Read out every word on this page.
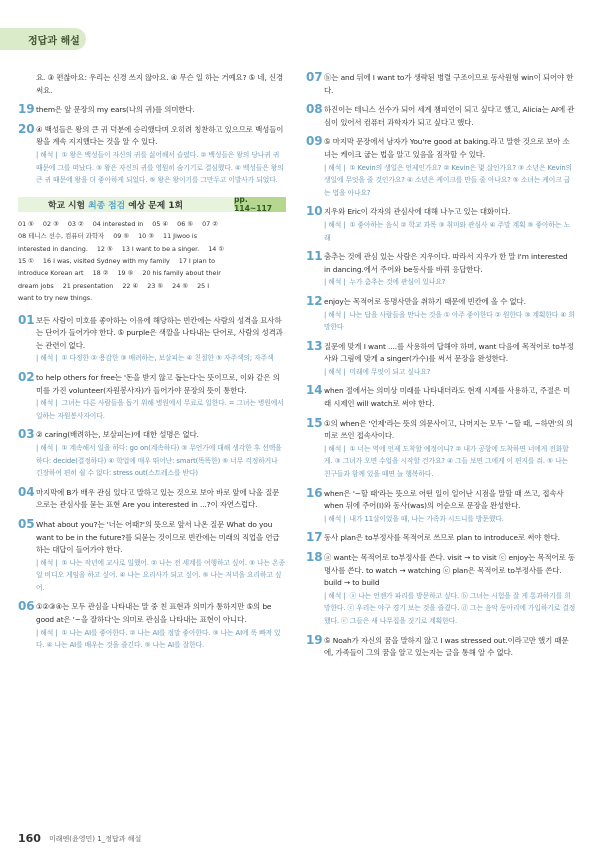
정답과 해설
요. ③ 편찮아요: 우리는 신경 쓰지 않아요. ④ 무슨 일 하는 거예요? ⑤ 네, 신경 써요.
19 them은 앞 문장의 my ears(나의 귀)를 의미한다.
20 ④ 백성들은 왕의 큰 귀 덕분에 승리했다며 오히려 칭찬하고 있으므로 백성들이 왕을 계속 지지했다는 것을 알 수 있다.
| 해석 | ① 왕은 백성들이 자신의 귀를 싫어해서 슬펐다. ② 백성들은 왕의 당나귀 귀 때문에 그를 떠났다. ③ 왕은 자신의 귀를 영원히 숨기기로 결심했다. ④ 백성들은 왕의 큰 귀 때문에 왕을 더 좋아하게 되었다. ⑤ 왕은 왕이기를 그만두고 이발사가 되었다.
학교 시험 최종 점검 예상 문제 1회
pp. 114~117
01 ⑤ 02 ③ 03 ② 04 interested in 05 ④ 06 ⑤ 07 ②
08 테니스 선수, 컴퓨터 과학자 09 ⑤ 10 ③ 11 Jiwoo is
interested in dancing. 12 ⑤ 13 I want to be a singer. 14 ①
15 ① 16 I was, visited Sydney with my family 17 I plan to
introduce Korean art 18 ② 19 ⑤ 20 his family about their
dream jobs 21 presentation 22 ④ 23 ⑤ 24 ⑤ 25 I
want to try new things.
01 보든 사람이 미호를 좋아하는 이유에 해당하는 빈칸에는 사람의 성격을 묘사하는 단어가 들어가야 한다. ⑤ purple은 색깔을 나타내는 단어로, 사람의 성격과는 관련이 없다.
| 해석 | ① 다정한 ② 용감한 ③ 배려하는, 보살피는 ④ 친절한 ⑤ 자주색의; 자주색
02 to help others for free는 '돈을 받지 않고 돕는다'는 뜻이므로, 이와 같은 의미를 가진 volunteer(자원봉사자)가 들어가야 문장의 뜻이 통한다.
| 해석 | 그녀는 다른 사람들을 돕기 위해 병원에서 무료로 일한다. = 그녀는 병원에서 일하는 자원봉사자이다.
03 ② caring(배려하는, 보살피는)에 대한 설명은 없다.
| 해석 | ① 계속해서 일을 하다: go on(계속하다) ③ 무언가에 대해 생각한 후 선택을 하다: decide(결정하다) ④ 학업에 매우 뛰어난: smart(똑똑한) ⑤ 너무 걱정하거나 긴장하여 편히 쉴 수 없다: stress out(스트레스를 받다)
04 마지막에 B가 배우 관심 있다고 말하고 있는 것으로 보아 바로 앞에 나올 질문으로는 관심사를 묻는 표현 Are you interested in ...?이 자연스럽다.
05 What about you?는 '너는 어때?'의 뜻으로 앞서 나온 질문 What do you want to be in the future?를 되묻는 것이므로 빈칸에는 미래의 직업을 언급하는 대답이 들어가야 한다.
| 해석 | ① 나는 작년에 교사로 일했어. ② 나는 전 세계를 여행하고 싶어. ③ 나는 온종일 비디오 게임을 하고 싶어. ④ 나는 요리사가 되고 싶어. ⑤ 나는 저녁을 요리하고 싶어.
06 ①②③④는 모두 관심을 나타내는 말 중 친 표현과 의미가 통하지만 ⑤의 be good at은 '~을 잘하다'는 의미로 관심을 나타내는 표현이 아니다.
| 해석 | ① 나는 AI를 좋아한다. ② 나는 AI를 정말 좋아한다. ③ 나는 AI에 푹 빠져 있다. ④ 나는 AI를 배우는 것을 즐긴다. ⑤ 나는 AI를 잘한다.
07 ⓑ는 and 뒤에 I want to가 생략된 병렬 구조이므로 동사원형 win이 되어야 한다.
08 하진이는 테니스 선수가 되어 세계 챔피언이 되고 싶다고 했고, Alicia는 AI에 관심이 있어서 컴퓨터 과학자가 되고 싶다고 했다.
09 ⑤ 마지막 문장에서 남자가 You're good at baking.라고 말한 것으로 보아 소녀는 케이크 굽는 법을 알고 있음을 짐작할 수 있다.
| 해석 | ① Kevin의 생일은 언제인가요? ② Kevin은 몇 살인가요? ③ 소년은 Kevin의 생일에 무엇을 줄 것인가요? ④ 소년은 케이크를 만들 줄 아나요? ⑤ 소녀는 케이크 굽는 법을 아나요?
10 지우와 Eric이 각자의 관심사에 대해 나누고 있는 대화이다.
| 해석 | ① 좋아하는 음식 ② 학교 과목 ③ 취미와 관심사 ④ 주말 계획 ⑤ 좋아하는 노래
11 춤추는 것에 관심 있는 사람은 지우이다. 따라서 지우가 한 말 I'm interested in dancing.에서 주어와 be동사를 바꿔 응답한다.
| 해석 | 누가 춤추는 것에 관심이 있나요?
12 enjoy는 목적어로 동명사만을 취하기 때문에 빈칸에 올 수 없다.
| 해석 | 나는 답을 사람들을 만나는 것을 ① 아주 좋아한다 ② 원한다 ③ 계획한다 ④ 희망한다
13 질문에 맞게 I want ....를 사용하여 답해야 하며, want 다음에 목적어로 to부정사와 그림에 맞게 a singer(가수)를 써서 문장을 완성한다.
| 해석 | 미래에 무엇이 되고 싶나요?
14 when 절에서는 의미상 미래를 나타내더라도 현재 시제를 사용하고, 주절은 미래 시제인 will watch로 써야 한다.
15 ①의 when은 '언제'라는 뜻의 의문사이고, 나머지는 모두 '~할 때, ~하면'의 의미로 쓰인 접속사이다.
| 해석 | ① 너는 역에 언제 도착할 예정이니? ② 내가 공항에 도착하면 너에게 전화할게. ③ 그녀가 오면 수업을 시작할 건가요? ④ 그들 보면 그에게 이 편지를 줘. ⑤ 나는 친구들과 함께 있을 때면 늘 행복하다.
16 when은 '~할 때'라는 뜻으로 어떤 일이 일어난 시점을 말할 때 쓰고, 접속사 when 뒤에 주어(I)와 동사(was)의 어순으로 문장을 완성한다.
| 해석 | 내가 11살이었을 때, 나는 가족과 시드니를 방문했다.
17 동사 plan은 to부정사를 목적어로 쓰므로 plan to introduce로 써야 한다.
18 ⓐ want는 목적어로 to부정사를 쓴다. visit → to visit ⓒ enjoy는 목적어로 동명사를 쓴다. to watch → watching ⓔ plan은 목적어로 to부정사를 쓴다. build → to build
| 해석 | ⓐ 나는 언젠가 파리를 방문하고 싶다. ⓑ 그녀는 시험을 잘 게 통과하기를 희망한다. ⓒ 우리는 야구 경기 보는 것을 즐겼다. ⓓ 그는 음악 동아리에 가입하기로 결정했다. ⓔ 그들은 새 나무집을 짓기로 계획한다.
19 ⑤ Noah가 자신의 꿈을 말하지 않고 I was stressed out.이라고만 했기 때문에, 가족들이 그의 꿈을 알고 있는지는 글을 통해 알 수 없다.
160 미래엔(윤영민) 1_정답과 해설
